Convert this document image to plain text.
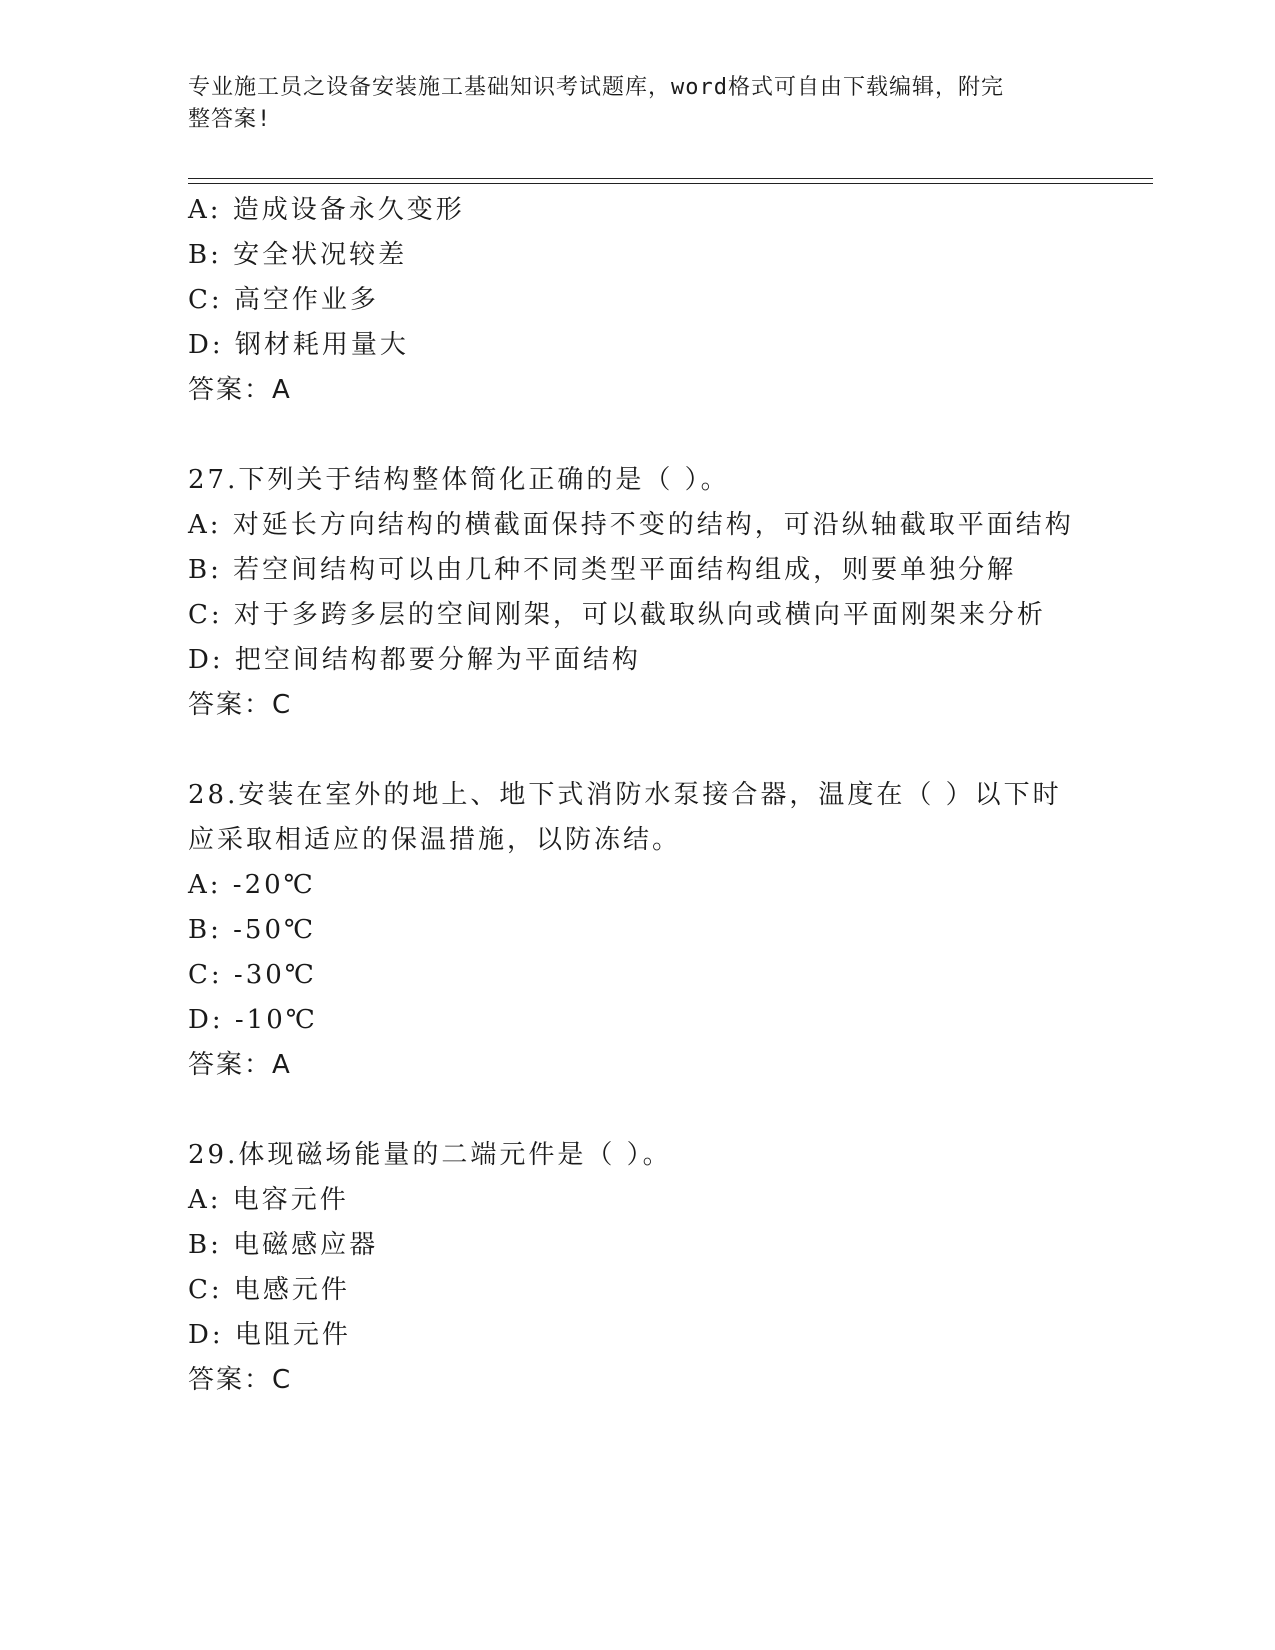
专业施工员之设备安装施工基础知识考试题库，word格式可自由下载编辑，附完
整答案!
A: 造成设备永久变形
B: 安全状况较差
C: 高空作业多
D: 钢材耗用量大
答案：A
27.下列关于结构整体简化正确的是（ ）。
A: 对延长方向结构的横截面保持不变的结构，可沿纵轴截取平面结构
B: 若空间结构可以由几种不同类型平面结构组成，则要单独分解
C: 对于多跨多层的空间刚架，可以截取纵向或横向平面刚架来分析
D: 把空间结构都要分解为平面结构
答案：C
28.安装在室外的地上、地下式消防水泵接合器，温度在（ ）以下时
应采取相适应的保温措施，以防冻结。
A: -20℃
B: -50℃
C: -30℃
D: -10℃
答案：A
29.体现磁场能量的二端元件是（ ）。
A: 电容元件
B: 电磁感应器
C: 电感元件
D: 电阻元件
答案：C
